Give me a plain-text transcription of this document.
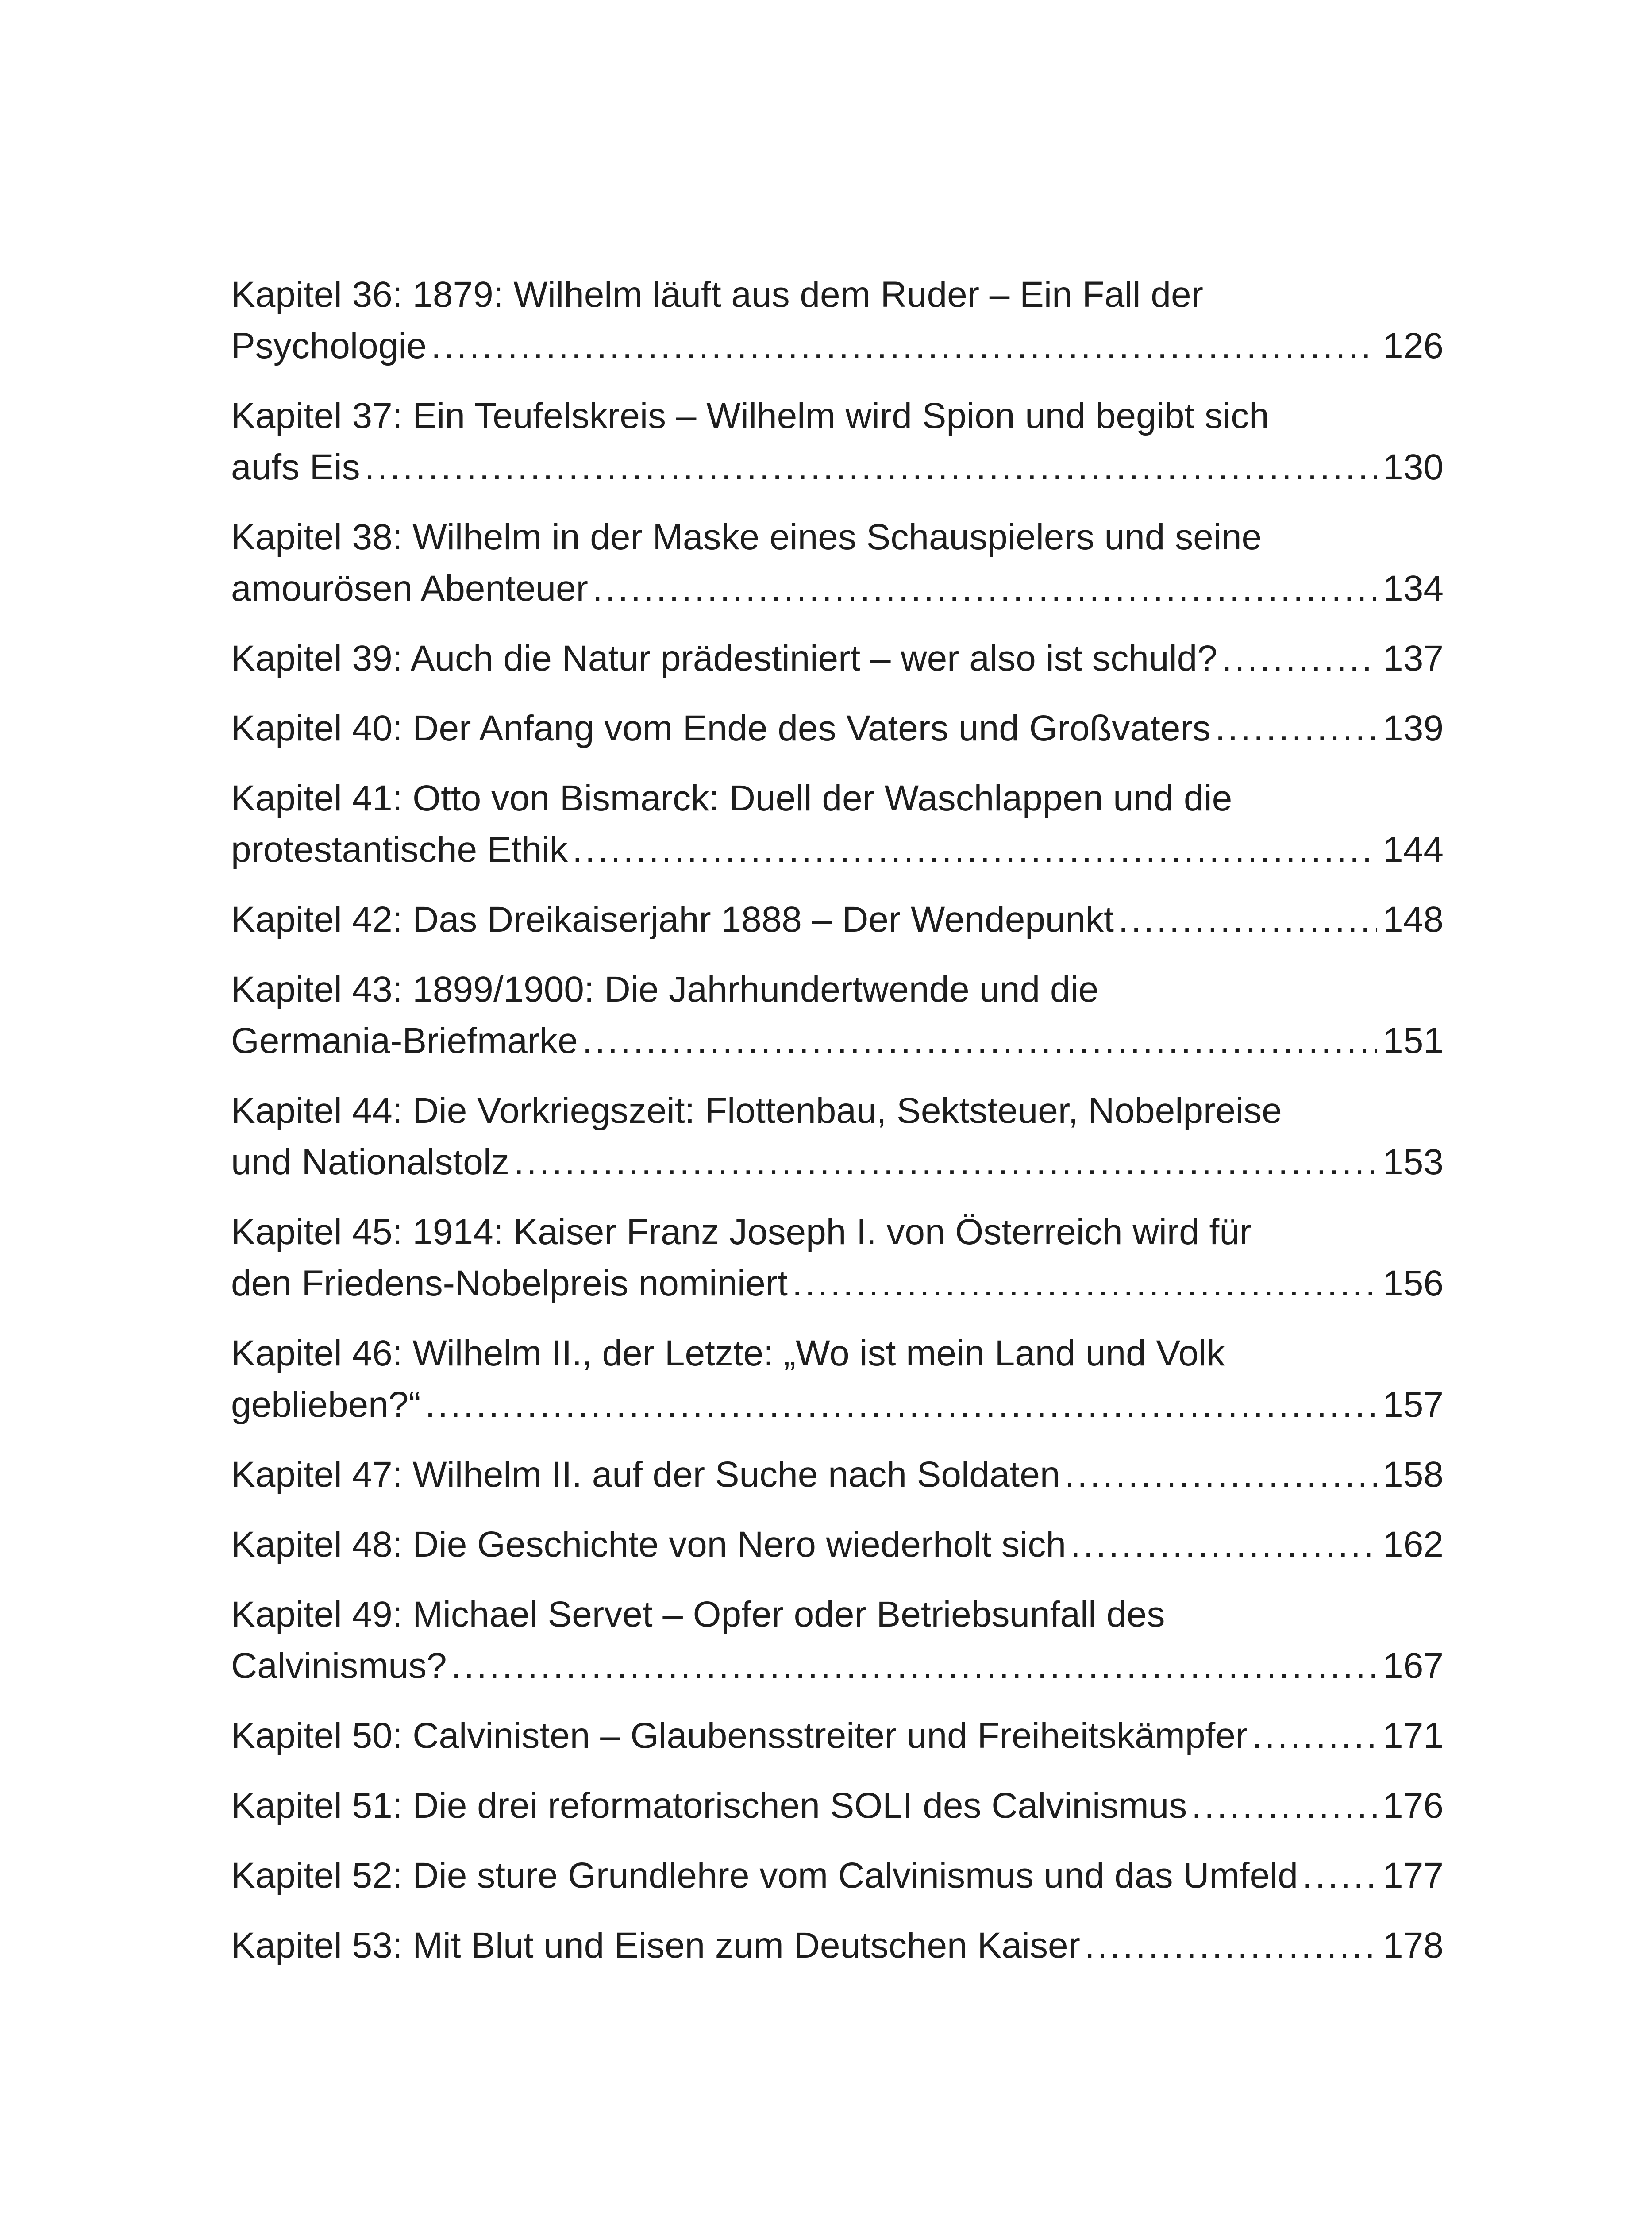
Kapitel 36: 1879: Wilhelm läuft aus dem Ruder – Ein Fall der
Psychologie .....	126
Kapitel 37: Ein Teufelskreis – Wilhelm wird Spion und begibt sich
aufs Eis .....	130
Kapitel 38: Wilhelm in der Maske eines Schauspielers und seine
amourösen Abenteuer .....	134
Kapitel 39: Auch die Natur prädestiniert – wer also ist schuld? .....	137
Kapitel 40: Der Anfang vom Ende des Vaters und Großvaters .....	139
Kapitel 41: Otto von Bismarck: Duell der Waschlappen und die
protestantische Ethik .....	144
Kapitel 42: Das Dreikaiserjahr 1888 – Der Wendepunkt .....	148
Kapitel 43: 1899/1900: Die Jahrhundertwende und die
Germania-Briefmarke .....	151
Kapitel 44: Die Vorkriegszeit: Flottenbau, Sektsteuer, Nobelpreise
und Nationalstolz .....	153
Kapitel 45: 1914: Kaiser Franz Joseph I. von Österreich wird für
den Friedens-Nobelpreis nominiert .....	156
Kapitel 46: Wilhelm II., der Letzte: „Wo ist mein Land und Volk
geblieben?“ .....	157
Kapitel 47: Wilhelm II. auf der Suche nach Soldaten .....	158
Kapitel 48: Die Geschichte von Nero wiederholt sich .....	162
Kapitel 49: Michael Servet – Opfer oder Betriebsunfall des
Calvinismus? .....	167
Kapitel 50: Calvinisten – Glaubensstreiter und Freiheitskämpfer .....	171
Kapitel 51: Die drei reformatorischen SOLI des Calvinismus .....	176
Kapitel 52: Die sture Grundlehre vom Calvinismus und das Umfeld ..... 177
Kapitel 53: Mit Blut und Eisen zum Deutschen Kaiser .....	178
